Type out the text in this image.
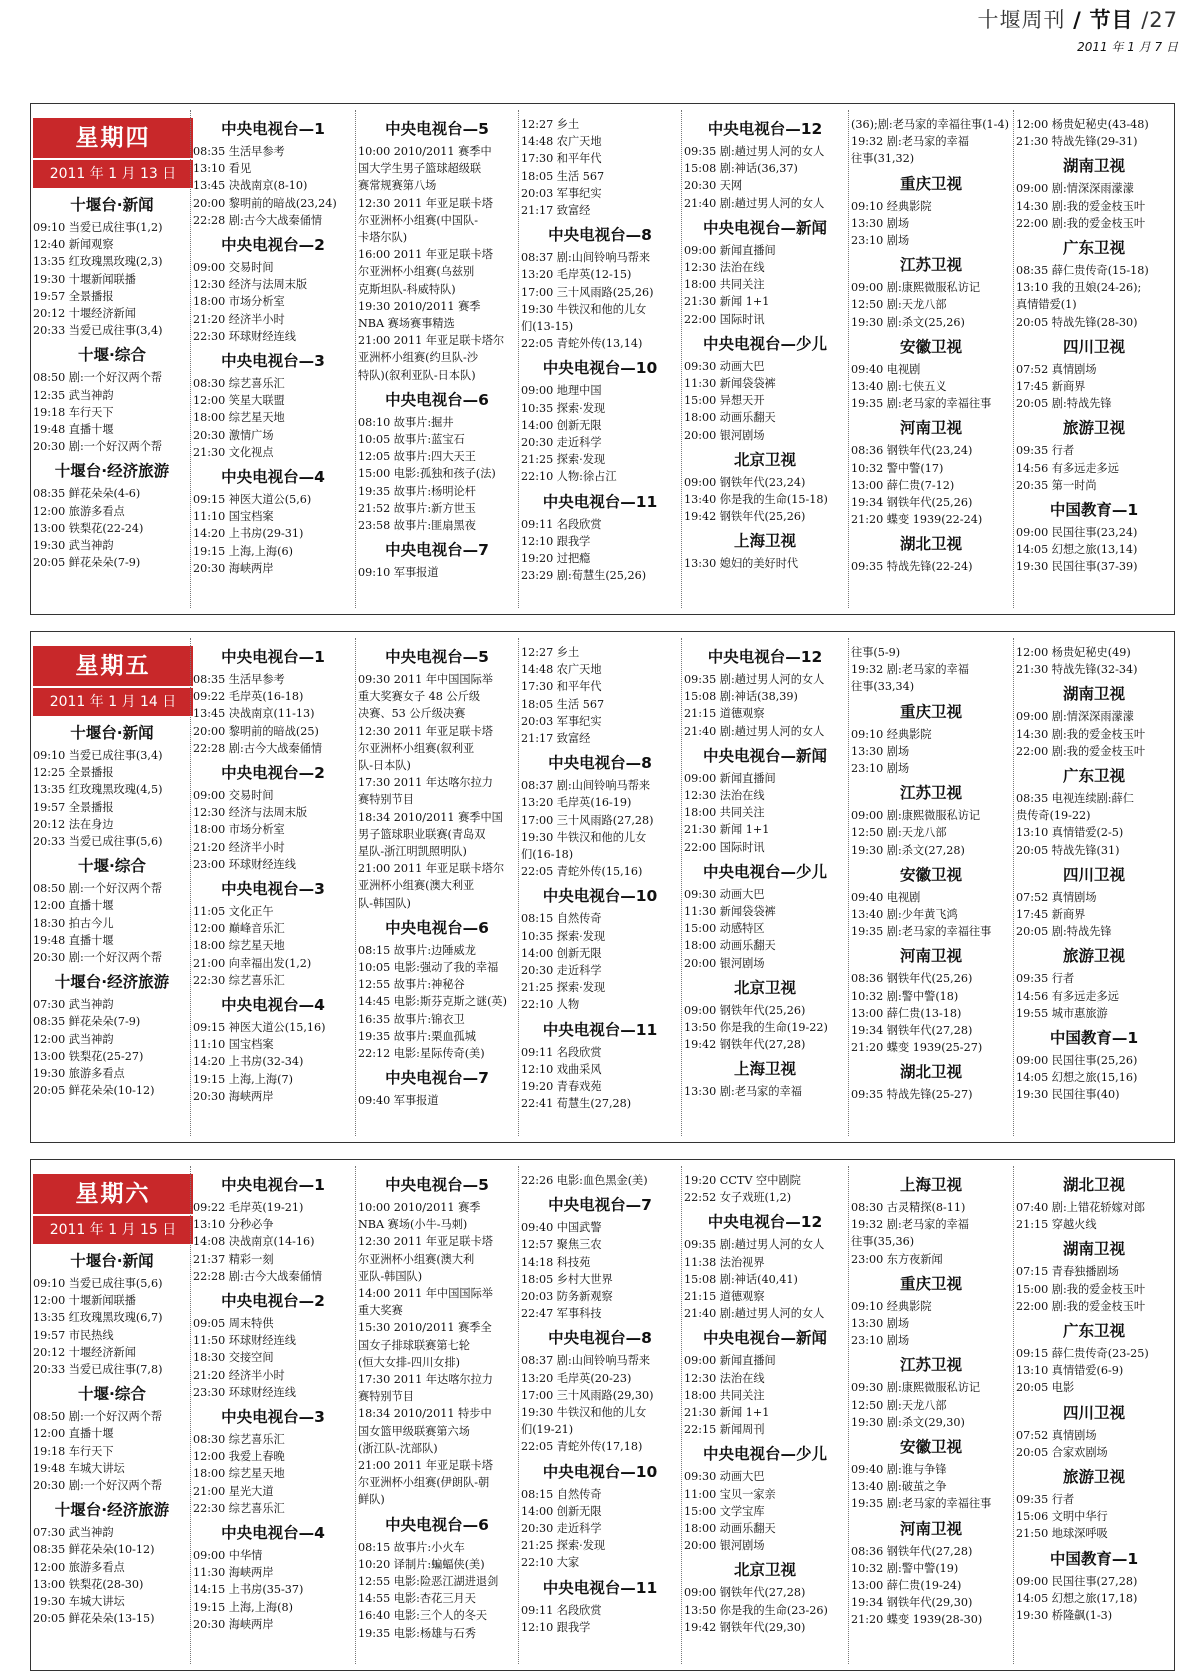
十堰周刊 / 节目 /27
2011 年 1 月 7 日
星期四
2011 年 1 月 13 日
十堰台·新闻
09:10 当爱已成往事(1,2)
12:40 新闻观察
13:35 红玫瑰黑玫瑰(2,3)
19:30 十堰新闻联播
19:57 全景播报
20:12 十堰经济新闻
20:33 当爱已成往事(3,4)
十堰·综合
08:50 剧:一个好汉两个帮
12:35 武当神韵
19:18 车行天下
19:48 直播十堰
20:30 剧:一个好汉两个帮
十堰台·经济旅游
08:35 鲜花朵朵(4-6)
12:00 旅游多看点
13:00 铁梨花(22-24)
19:30 武当神韵
20:05 鲜花朵朵(7-9)
中央电视台—1
08:35 生活早参考
13:10 看见
13:45 决战南京(8-10)
20:00 黎明前的暗战(23,24)
22:28 剧:古今大战秦俑情
中央电视台—2
09:00 交易时间
12:30 经济与法周末版
18:00 市场分析室
21:20 经济半小时
22:30 环球财经连线
中央电视台—3
08:30 综艺喜乐汇
12:00 笑星大联盟
18:00 综艺星天地
20:30 激情广场
21:30 文化视点
中央电视台—4
09:15 神医大道公(5,6)
11:10 国宝档案
14:20 上书房(29-31)
19:15 上海,上海(6)
20:30 海峡两岸
中央电视台—5
10:00 2010/2011 赛季中
国大学生男子篮球超级联
赛常规赛第八场
12:30 2011 年亚足联卡塔
尔亚洲杯小组赛(中国队-
卡塔尔队)
16:00 2011 年亚足联卡塔
尔亚洲杯小组赛(乌兹别
克斯坦队-科威特队)
19:30 2010/2011 赛季
NBA 赛场赛事精选
21:00 2011 年亚足联卡塔尔
亚洲杯小组赛(约旦队-沙
特队)(叙利亚队-日本队)
中央电视台—6
08:10 故事片:掘井
10:05 故事片:蓝宝石
12:05 故事片:四大天王
15:00 电影:孤独和孩子(法)
19:35 故事片:杨明论杆
21:52 故事片:新方世玉
23:58 故事片:匪扇黑夜
中央电视台—7
09:10 军事报道
12:27 乡土
14:48 农广天地
17:30 和平年代
18:05 生活 567
20:03 军事纪实
21:17 致富经
中央电视台—8
08:37 剧:山间铃响马帮来
13:20 毛岸英(12-15)
17:00 三十风雨路(25,26)
19:30 牛铁汉和他的儿女
们(13-15)
22:05 青蛇外传(13,14)
中央电视台—10
09:00 地理中国
10:35 探索·发现
14:00 创新无限
20:30 走近科学
21:25 探索·发现
22:10 人物:徐占江
中央电视台—11
09:11 名段欣赏
12:10 跟我学
19:20 过把瘾
23:29 剧:荀慧生(25,26)
中央电视台—12
09:35 剧:趟过男人河的女人
15:08 剧:神话(36,37)
20:30 天网
21:40 剧:趟过男人河的女人
中央电视台—新闻
09:00 新闻直播间
12:30 法治在线
18:00 共同关注
21:30 新闻 1+1
22:00 国际时讯
中央电视台—少儿
09:30 动画大巴
11:30 新闻袋袋裤
15:00 异想天开
18:00 动画乐翻天
20:00 银河剧场
北京卫视
09:00 钢铁年代(23,24)
13:40 你是我的生命(15-18)
19:42 钢铁年代(25,26)
上海卫视
13:30 媳妇的美好时代
(36);剧:老马家的幸福往事(1-4)
19:32 剧:老马家的幸福
往事(31,32)
重庆卫视
09:10 经典影院
13:30 剧场
23:10 剧场
江苏卫视
09:00 剧:康熙微服私访记
12:50 剧:天龙八部
19:30 剧:杀文(25,26)
安徽卫视
09:40 电视剧
13:40 剧:七侠五义
19:35 剧:老马家的幸福往事
河南卫视
08:36 钢铁年代(23,24)
10:32 警中警(17)
13:00 薛仁贵(7-12)
19:34 钢铁年代(25,26)
21:20 蝶变 1939(22-24)
湖北卫视
09:35 特战先锋(22-24)
12:00 杨贵妃秘史(43-48)
21:30 特战先锋(29-31)
湖南卫视
09:00 剧:情深深雨濛濛
14:30 剧:我的爱金枝玉叶
22:00 剧:我的爱金枝玉叶
广东卫视
08:35 薛仁贵传奇(15-18)
13:10 我的丑娘(24-26);
真情错爱(1)
20:05 特战先锋(28-30)
四川卫视
07:52 真情剧场
17:45 新商界
20:05 剧:特战先锋
旅游卫视
09:35 行者
14:56 有多远走多远
20:35 第一时尚
中国教育—1
09:00 民国往事(23,24)
14:05 幻想之旅(13,14)
19:30 民国往事(37-39)
星期五
2011 年 1 月 14 日
十堰台·新闻
09:10 当爱已成往事(3,4)
12:25 全景播报
13:35 红玫瑰黑玫瑰(4,5)
19:57 全景播报
20:12 法在身边
20:33 当爱已成往事(5,6)
十堰·综合
08:50 剧:一个好汉两个帮
12:00 直播十堰
18:30 拍古今儿
19:48 直播十堰
20:30 剧:一个好汉两个帮
十堰台·经济旅游
07:30 武当神韵
08:35 鲜花朵朵(7-9)
12:00 武当神韵
13:00 铁梨花(25-27)
19:30 旅游多看点
20:05 鲜花朵朵(10-12)
中央电视台—1
08:35 生活早参考
09:22 毛岸英(16-18)
13:45 决战南京(11-13)
20:00 黎明前的暗战(25)
22:28 剧:古今大战秦俑情
中央电视台—2
09:00 交易时间
12:30 经济与法周末版
18:00 市场分析室
21:20 经济半小时
23:00 环球财经连线
中央电视台—3
11:05 文化正午
12:00 巅峰音乐汇
18:00 综艺星天地
21:00 向幸福出发(1,2)
22:30 综艺喜乐汇
中央电视台—4
09:15 神医大道公(15,16)
11:10 国宝档案
14:20 上书房(32-34)
19:15 上海,上海(7)
20:30 海峡两岸
中央电视台—5
09:30 2011 年中国国际举
重大奖赛女子 48 公斤级
决赛、53 公斤级决赛
12:30 2011 年亚足联卡塔
尔亚洲杯小组赛(叙利亚
队-日本队)
17:30 2011 年达喀尔拉力
赛特别节目
18:34 2010/2011 赛季中国
男子篮球职业联赛(青岛双
星队-浙江明凯照明队)
21:00 2011 年亚足联卡塔尔
亚洲杯小组赛(澳大利亚
队-韩国队)
中央电视台—6
08:15 故事片:边陲威龙
10:05 电影:强动了我的幸福
12:55 故事片:神秘谷
14:45 电影:斯芬克斯之谜(英)
16:35 故事片:锦衣卫
19:35 故事片:栗血孤城
22:12 电影:星际传奇(美)
中央电视台—7
09:40 军事报道
12:27 乡土
14:48 农广天地
17:30 和平年代
18:05 生活 567
20:03 军事纪实
21:17 致富经
中央电视台—8
08:37 剧:山间铃响马帮来
13:20 毛岸英(16-19)
17:00 三十风雨路(27,28)
19:30 牛铁汉和他的儿女
们(16-18)
22:05 青蛇外传(15,16)
中央电视台—10
08:15 自然传奇
10:35 探索·发现
14:00 创新无限
20:30 走近科学
21:25 探索·发现
22:10 人物
中央电视台—11
09:11 名段欣赏
12:10 戏曲采风
19:20 青春戏苑
22:41 荀慧生(27,28)
中央电视台—12
09:35 剧:趟过男人河的女人
15:08 剧:神话(38,39)
21:15 道德观察
21:40 剧:趟过男人河的女人
中央电视台—新闻
09:00 新闻直播间
12:30 法治在线
18:00 共同关注
21:30 新闻 1+1
22:00 国际时讯
中央电视台—少儿
09:30 动画大巴
11:30 新闻袋袋裤
15:00 动感特区
18:00 动画乐翻天
20:00 银河剧场
北京卫视
09:00 钢铁年代(25,26)
13:50 你是我的生命(19-22)
19:42 钢铁年代(27,28)
上海卫视
13:30 剧:老马家的幸福
往事(5-9)
19:32 剧:老马家的幸福
往事(33,34)
重庆卫视
09:10 经典影院
13:30 剧场
23:10 剧场
江苏卫视
09:00 剧:康熙微服私访记
12:50 剧:天龙八部
19:30 剧:杀文(27,28)
安徽卫视
09:40 电视剧
13:40 剧:少年黄飞鸿
19:35 剧:老马家的幸福往事
河南卫视
08:36 钢铁年代(25,26)
10:32 剧:警中警(18)
13:00 薛仁贵(13-18)
19:34 钢铁年代(27,28)
21:20 蝶变 1939(25-27)
湖北卫视
09:35 特战先锋(25-27)
12:00 杨贵妃秘史(49)
21:30 特战先锋(32-34)
湖南卫视
09:00 剧:情深深雨濛濛
14:30 剧:我的爱金枝玉叶
22:00 剧:我的爱金枝玉叶
广东卫视
08:35 电视连续剧:薛仁
贵传奇(19-22)
13:10 真情错爱(2-5)
20:05 特战先锋(31)
四川卫视
07:52 真情剧场
17:45 新商界
20:05 剧:特战先锋
旅游卫视
09:35 行者
14:56 有多远走多远
19:55 城市惠旅游
中国教育—1
09:00 民国往事(25,26)
14:05 幻想之旅(15,16)
19:30 民国往事(40)
星期六
2011 年 1 月 15 日
十堰台·新闻
09:10 当爱已成往事(5,6)
12:00 十堰新闻联播
13:35 红玫瑰黑玫瑰(6,7)
19:57 市民热线
20:12 十堰经济新闻
20:33 当爱已成往事(7,8)
十堰·综合
08:50 剧:一个好汉两个帮
12:00 直播十堰
19:18 车行天下
19:48 车城大讲坛
20:30 剧:一个好汉两个帮
十堰台·经济旅游
07:30 武当神韵
08:35 鲜花朵朵(10-12)
12:00 旅游多看点
13:00 铁梨花(28-30)
19:30 车城大讲坛
20:05 鲜花朵朵(13-15)
中央电视台—1
09:22 毛岸英(19-21)
13:10 分秒必争
14:08 决战南京(14-16)
21:37 精彩一刻
22:28 剧:古今大战秦俑情
中央电视台—2
09:05 周末特供
11:50 环球财经连线
18:30 交接空间
21:20 经济半小时
23:30 环球财经连线
中央电视台—3
08:30 综艺喜乐汇
12:00 我爱上春晚
18:00 综艺星天地
21:00 星光大道
22:30 综艺喜乐汇
中央电视台—4
09:00 中华情
11:30 海峡两岸
14:15 上书房(35-37)
19:15 上海,上海(8)
20:30 海峡两岸
中央电视台—5
10:00 2010/2011 赛季
NBA 赛场(小牛-马刺)
12:30 2011 年亚足联卡塔
尔亚洲杯小组赛(澳大利
亚队-韩国队)
14:00 2011 年中国国际举
重大奖赛
15:30 2010/2011 赛季全
国女子排球联赛第七轮
(恒大女排-四川女排)
17:30 2011 年达喀尔拉力
赛特别节目
18:34 2010/2011 特步中
国女篮甲级联赛第六场
(浙江队-沈部队)
21:00 2011 年亚足联卡塔
尔亚洲杯小组赛(伊朗队-朝
鲜队)
中央电视台—6
08:15 故事片:小火车
10:20 译制片:蝙蝠侠(美)
12:55 电影:险恶江湖进退剑
14:55 电影:杏花三月天
16:40 电影:三个人的冬天
19:35 电影:杨雄与石秀
22:26 电影:血色黑金(美)
中央电视台—7
09:40 中国武警
12:57 聚焦三农
14:18 科技苑
18:05 乡村大世界
20:03 防务新观察
22:47 军事科技
中央电视台—8
08:37 剧:山间铃响马帮来
13:20 毛岸英(20-23)
17:00 三十风雨路(29,30)
19:30 牛铁汉和他的儿女
们(19-21)
22:05 青蛇外传(17,18)
中央电视台—10
08:15 自然传奇
14:00 创新无限
20:30 走近科学
21:25 探索·发现
22:10 大家
中央电视台—11
09:11 名段欣赏
12:10 跟我学
19:20 CCTV 空中剧院
22:52 女子戏班(1,2)
中央电视台—12
09:35 剧:趟过男人河的女人
11:38 法治视界
15:08 剧:神话(40,41)
21:15 道德观察
21:40 剧:趟过男人河的女人
中央电视台—新闻
09:00 新闻直播间
12:30 法治在线
18:00 共同关注
21:30 新闻 1+1
22:15 新闻周刊
中央电视台—少儿
09:30 动画大巴
11:00 宝贝一家亲
15:00 文学宝库
18:00 动画乐翻天
20:00 银河剧场
北京卫视
09:00 钢铁年代(27,28)
13:50 你是我的生命(23-26)
19:42 钢铁年代(29,30)
上海卫视
08:30 古灵精探(8-11)
19:32 剧:老马家的幸福
往事(35,36)
23:00 东方夜新闻
重庆卫视
09:10 经典影院
13:30 剧场
23:10 剧场
江苏卫视
09:30 剧:康熙微服私访记
12:50 剧:天龙八部
19:30 剧:杀文(29,30)
安徽卫视
09:40 剧:谁与争锋
13:40 剧:破茧之争
19:35 剧:老马家的幸福往事
河南卫视
08:36 钢铁年代(27,28)
10:32 剧:警中警(19)
13:00 薛仁贵(19-24)
19:34 钢铁年代(29,30)
21:20 蝶变 1939(28-30)
湖北卫视
07:40 剧:上错花轿嫁对郎
21:15 穿越火线
湖南卫视
07:15 青春独播剧场
15:00 剧:我的爱金枝玉叶
22:00 剧:我的爱金枝玉叶
广东卫视
09:15 薛仁贵传奇(23-25)
13:10 真情错爱(6-9)
20:05 电影
四川卫视
07:52 真情剧场
20:05 合家欢剧场
旅游卫视
09:35 行者
15:06 文明中华行
21:50 地球深呼吸
中国教育—1
09:00 民国往事(27,28)
14:05 幻想之旅(17,18)
19:30 桥隆飙(1-3)
